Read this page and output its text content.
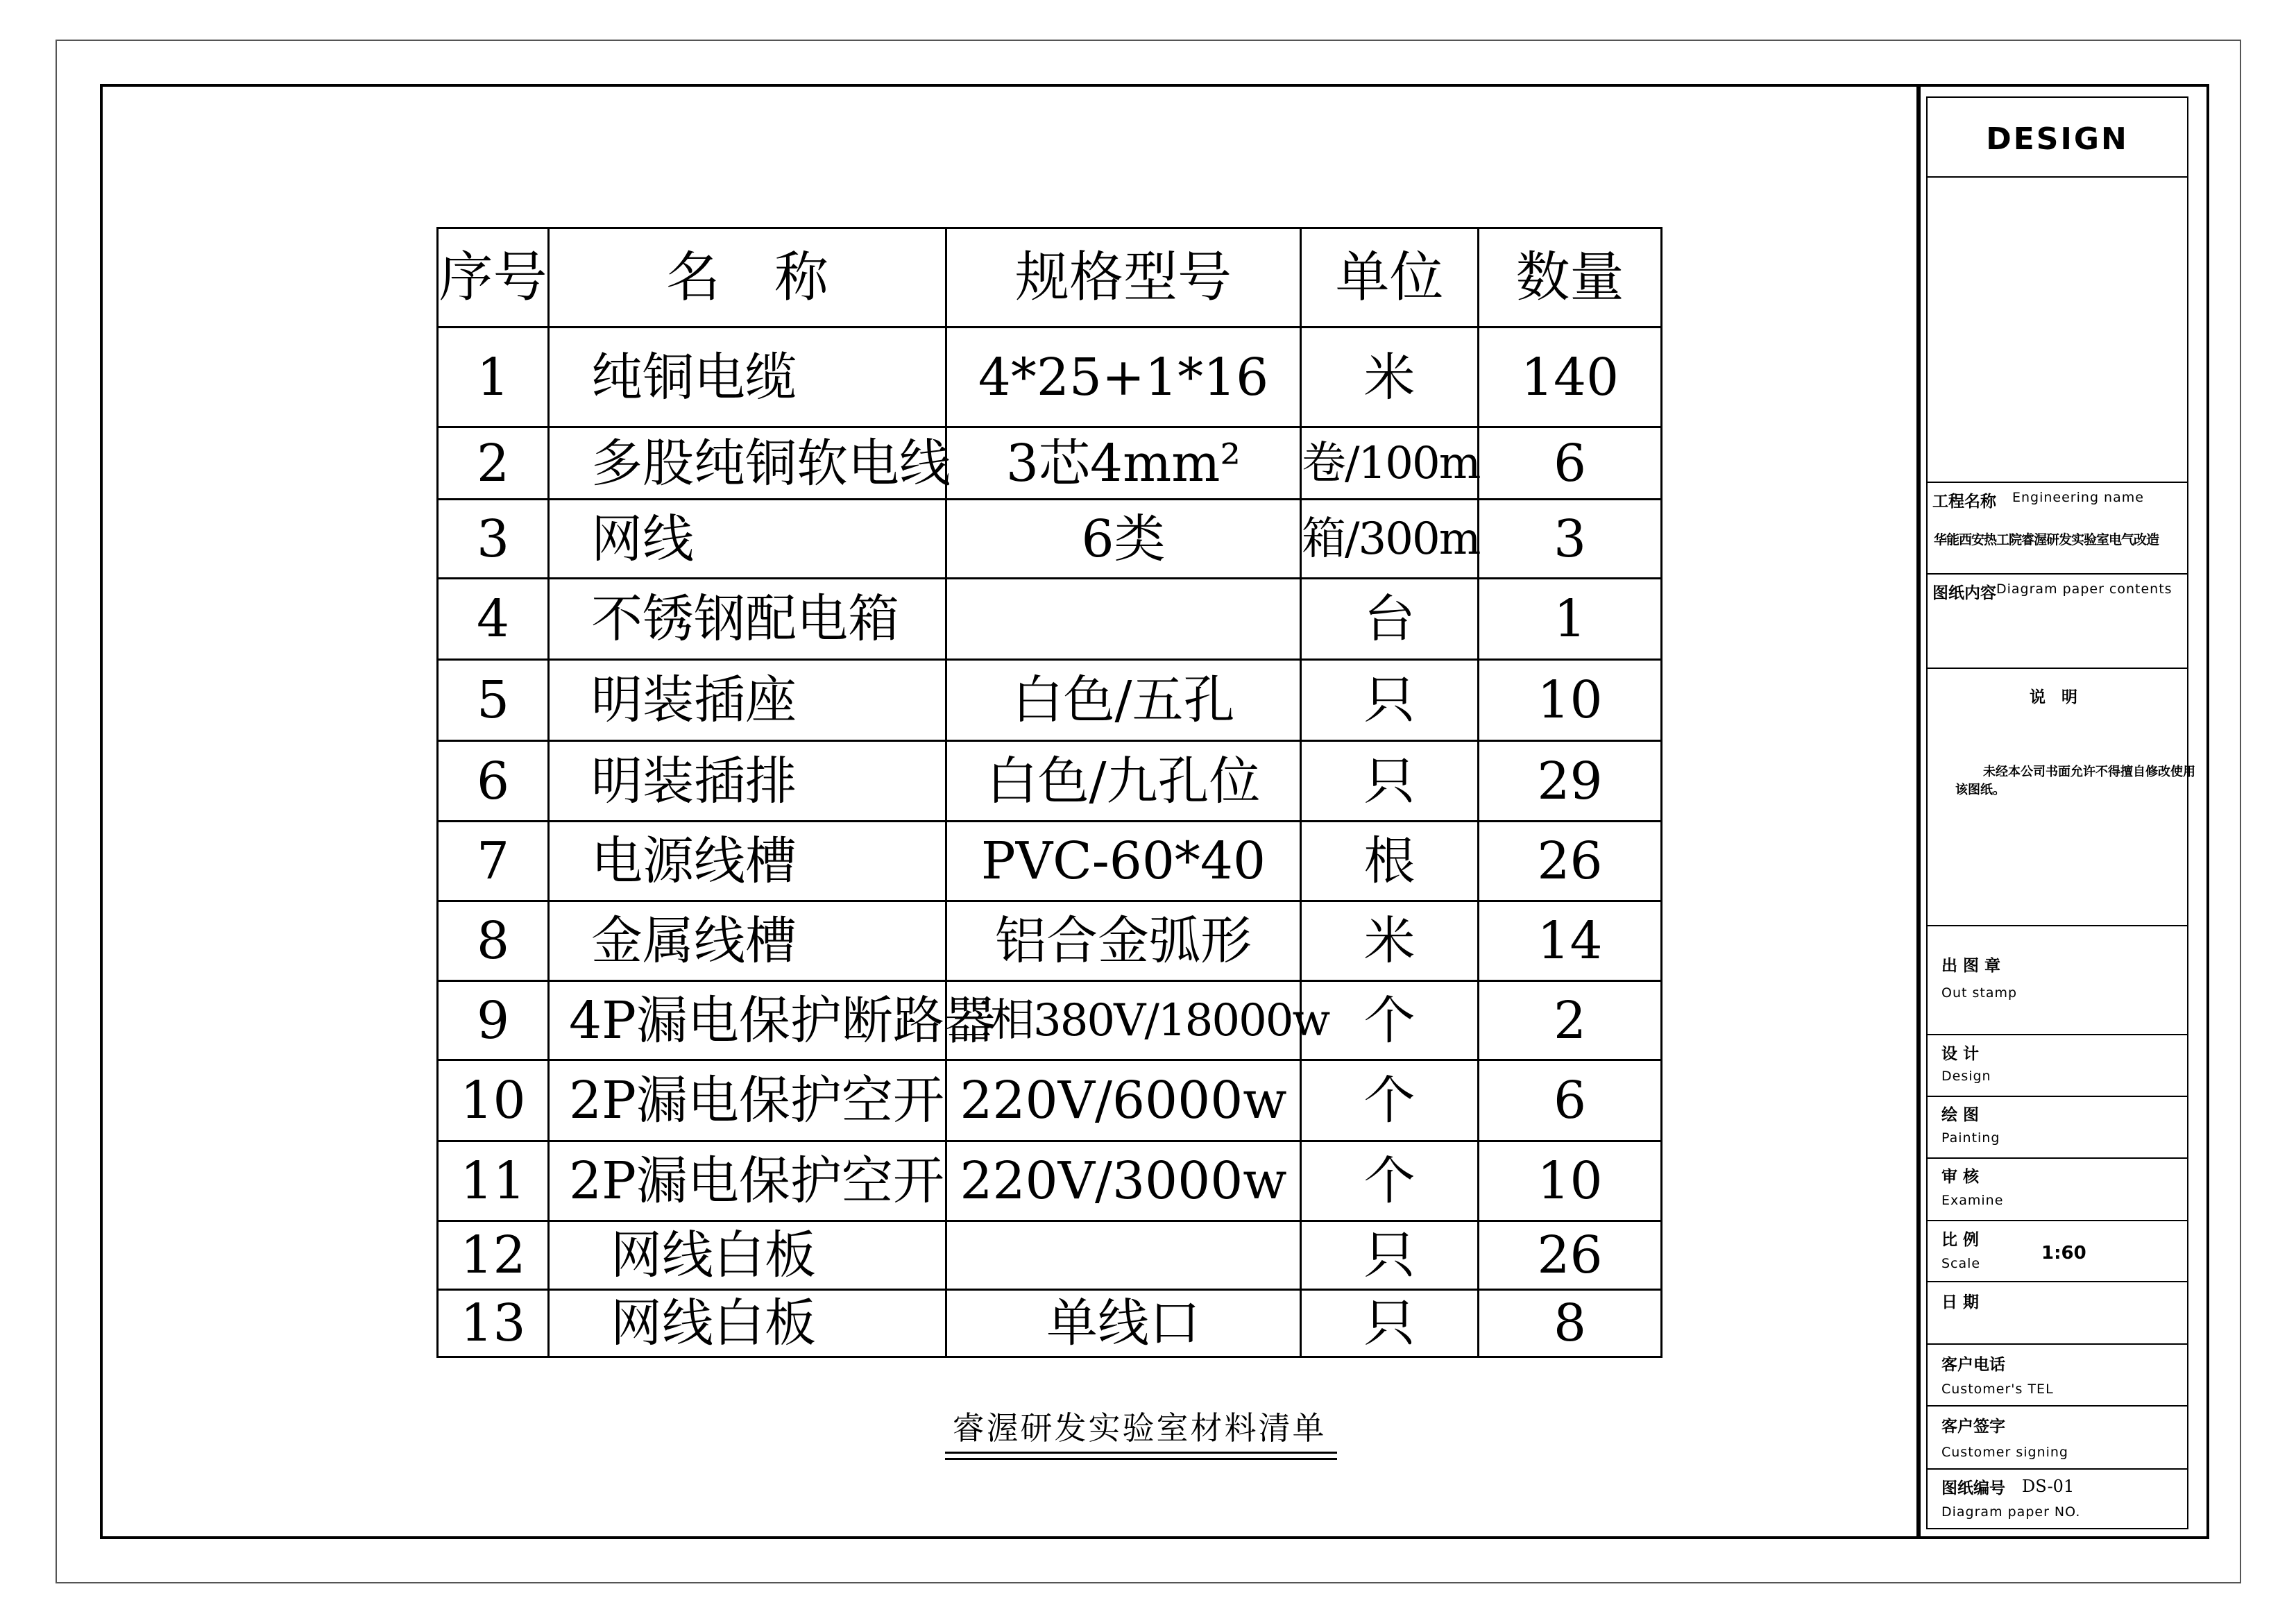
序号	名　称	规格型号	单位	数量
1	纯铜电缆	4*25+1*16	米	140
2	多股纯铜软电线	3芯4mm²	卷/100m	6
3	网线	6类	箱/300m	3
4	不锈钢配电箱		台	1
5	明装插座	白色/五孔	只	10
6	明装插排	白色/九孔位	只	29
7	电源线槽	PVC-60*40	根	26
8	金属线槽	铝合金弧形	米	14
9	4P漏电保护断路器	三相380V/18000w	个	2
10	2P漏电保护空开	220V/6000w	个	6
11	2P漏电保护空开	220V/3000w	个	10
12	网线白板		只	26
13	网线白板	单线口	只	8
睿渥研发实验室材料清单
DESIGN
工程名称 Engineering name
华能西安热工院睿渥研发实验室电气改造
图纸内容 Diagram paper contents
说　明
未经本公司书面允许不得擅自修改使用
该图纸。
出 图 章
Out stamp
设 计
Design
绘 图
Painting
审 核
Examine
比 例
Scale	1:60
日 期
客户电话
Customer's TEL
客户签字
Customer signing
图纸编号 DS-01
Diagram paper NO.
